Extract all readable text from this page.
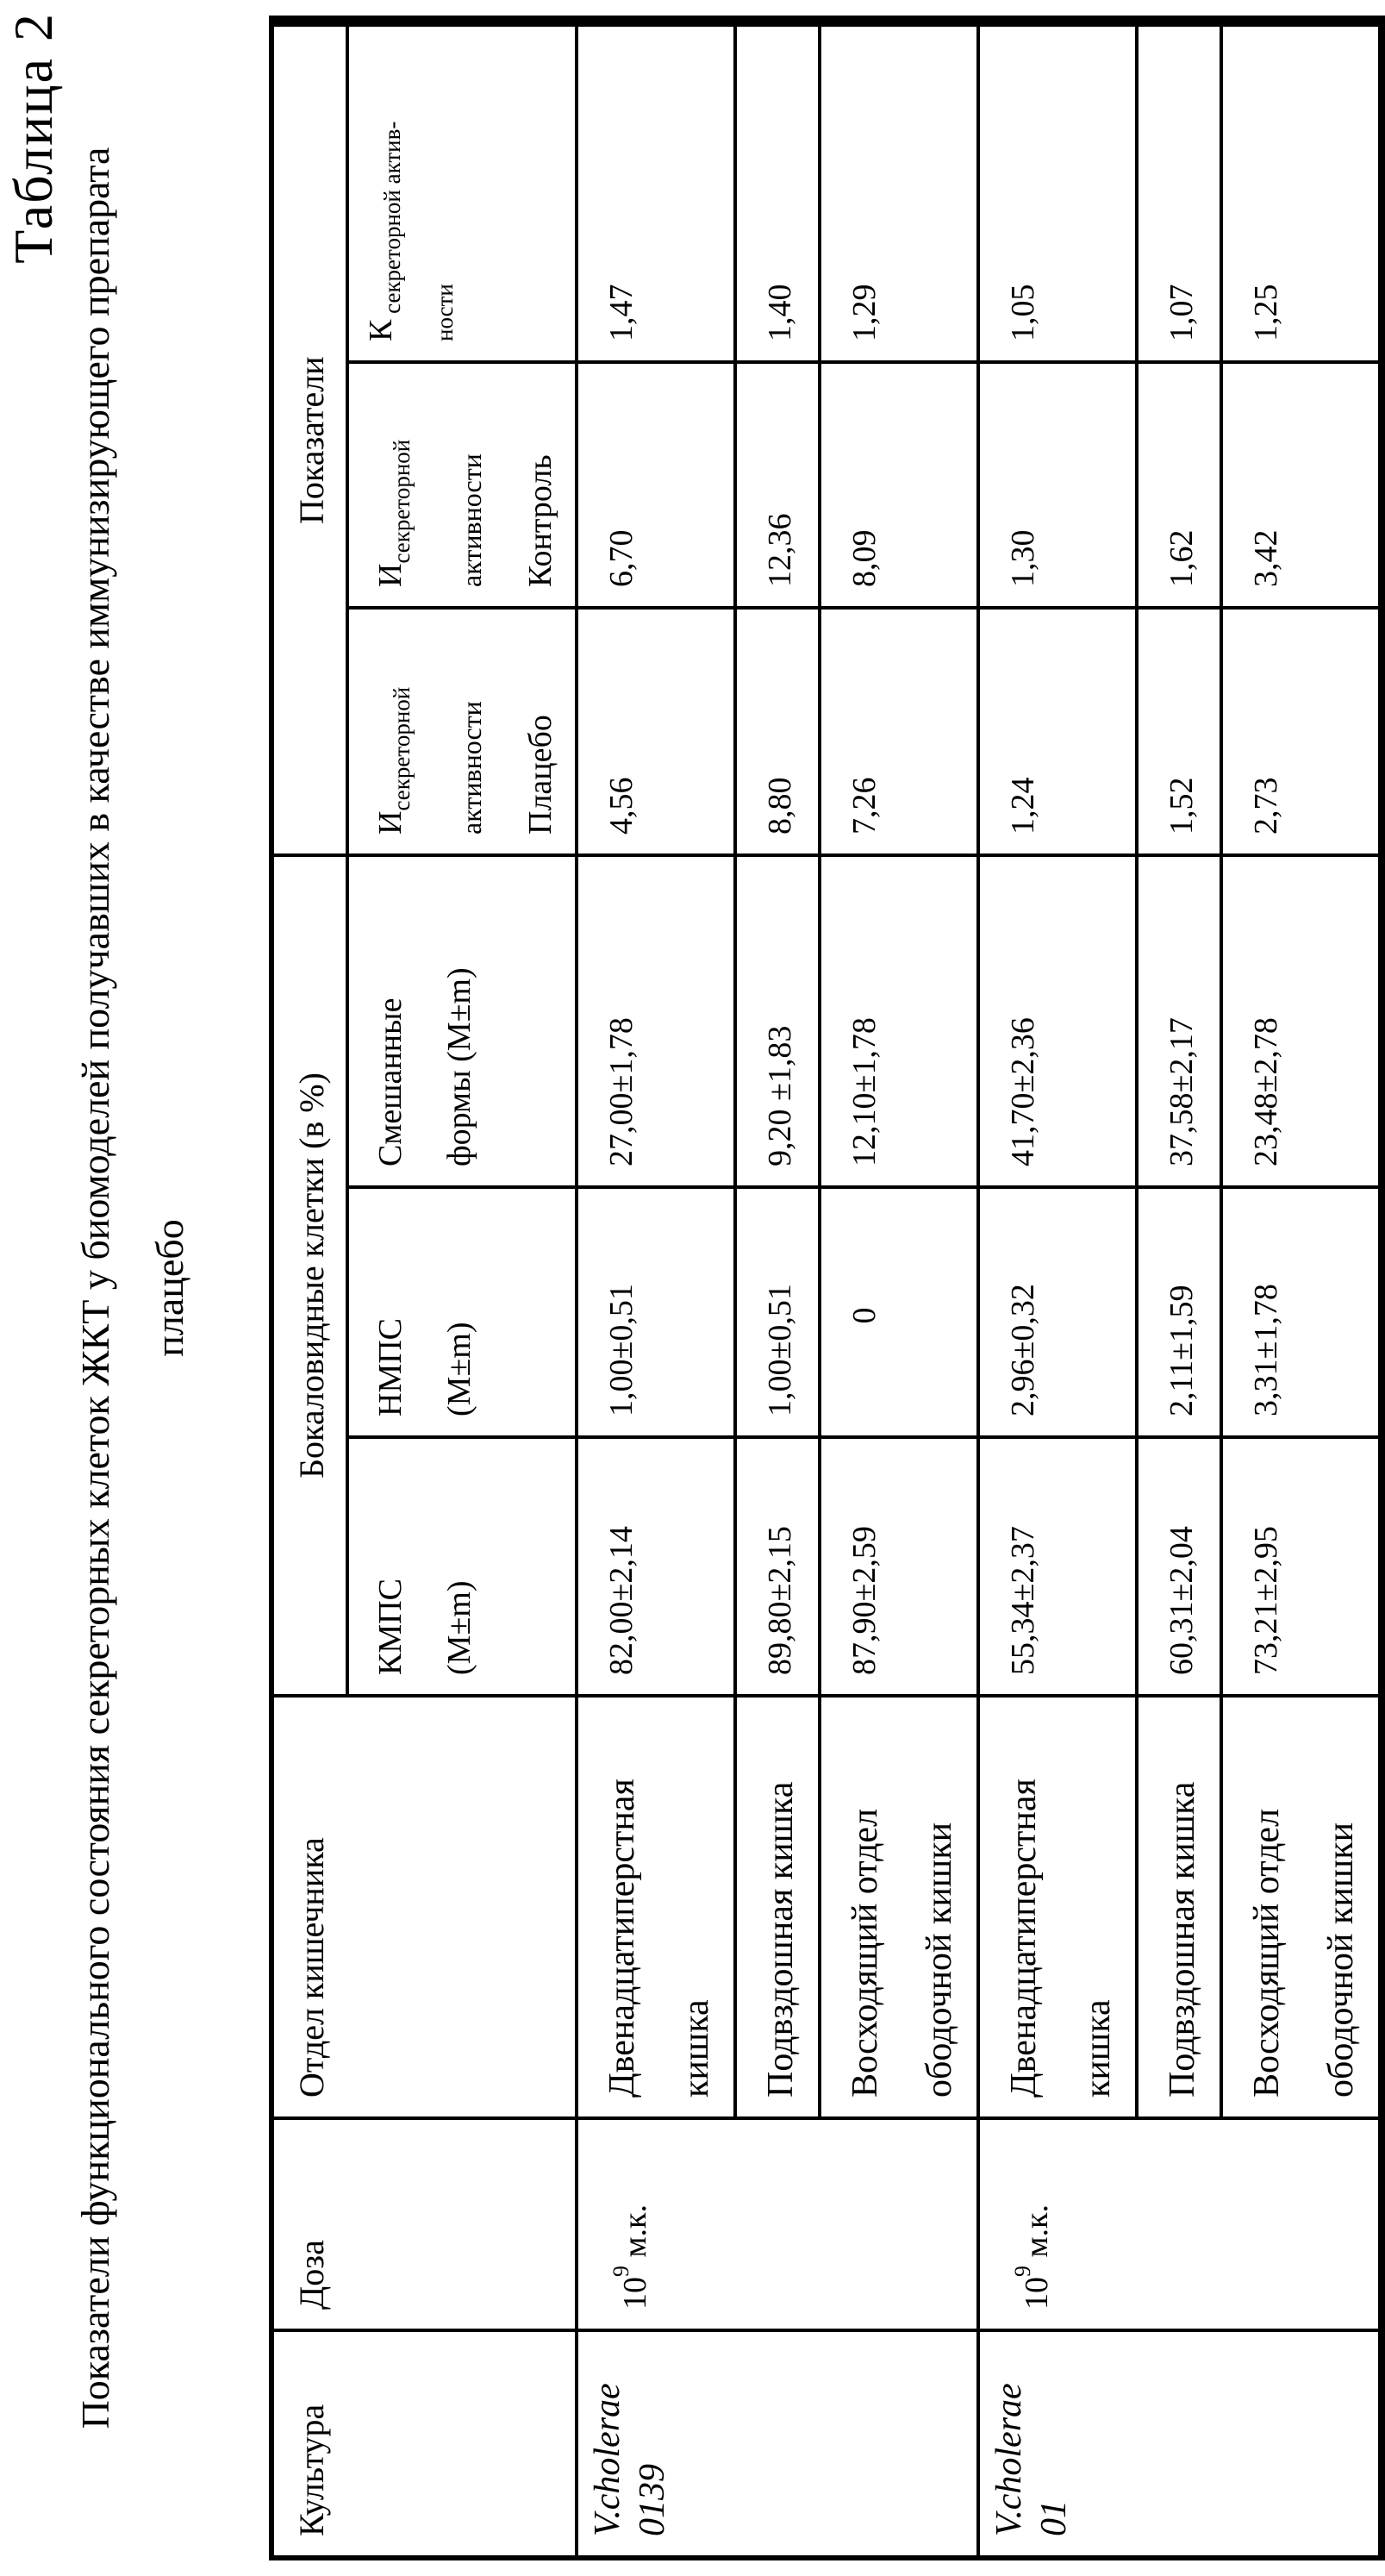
Таблица 2
Показатели функционального состояния секреторных клеток ЖКТ у биомоделей получавших в качестве иммунизирующего препарата плацебо
Культура	Доза	Отдел кишечника	Бокаловидные клетки (в %)			Показатели		
			КМПС (М±m)	НМПС (М±m)	Смешанные формы (М±m)	$И_{секреторной}$ активности Плацебо	$И_{секреторной}$ активности Контроль	К $_{секреторной актив-}$ ности
V.cholerae 0139	$10^9$ м.к.	Двенадцатиперстная кишка	82,00±2,14	1,00±0,51	27,00±1,78	4,56	6,70	1,47
		Подвздошная кишка	89,80±2,15	1,00±0,51	9,20 ±1,83	8,80	12,36	1,40
		Восходящий отдел ободочной кишки	87,90±2,59	0	12,10±1,78	7,26	8,09	1,29
V.cholerae 01	$10^9$ м.к.	Двенадцатиперстная кишка	55,34±2,37	2,96±0,32	41,70±2,36	1,24	1,30	1,05
		Подвздошная кишка	60,31±2,04	2,11±1,59	37,58±2,17	1,52	1,62	1,07
		Восходящий отдел ободочной кишки	73,21±2,95	3,31±1,78	23,48±2,78	2,73	3,42	1,25
